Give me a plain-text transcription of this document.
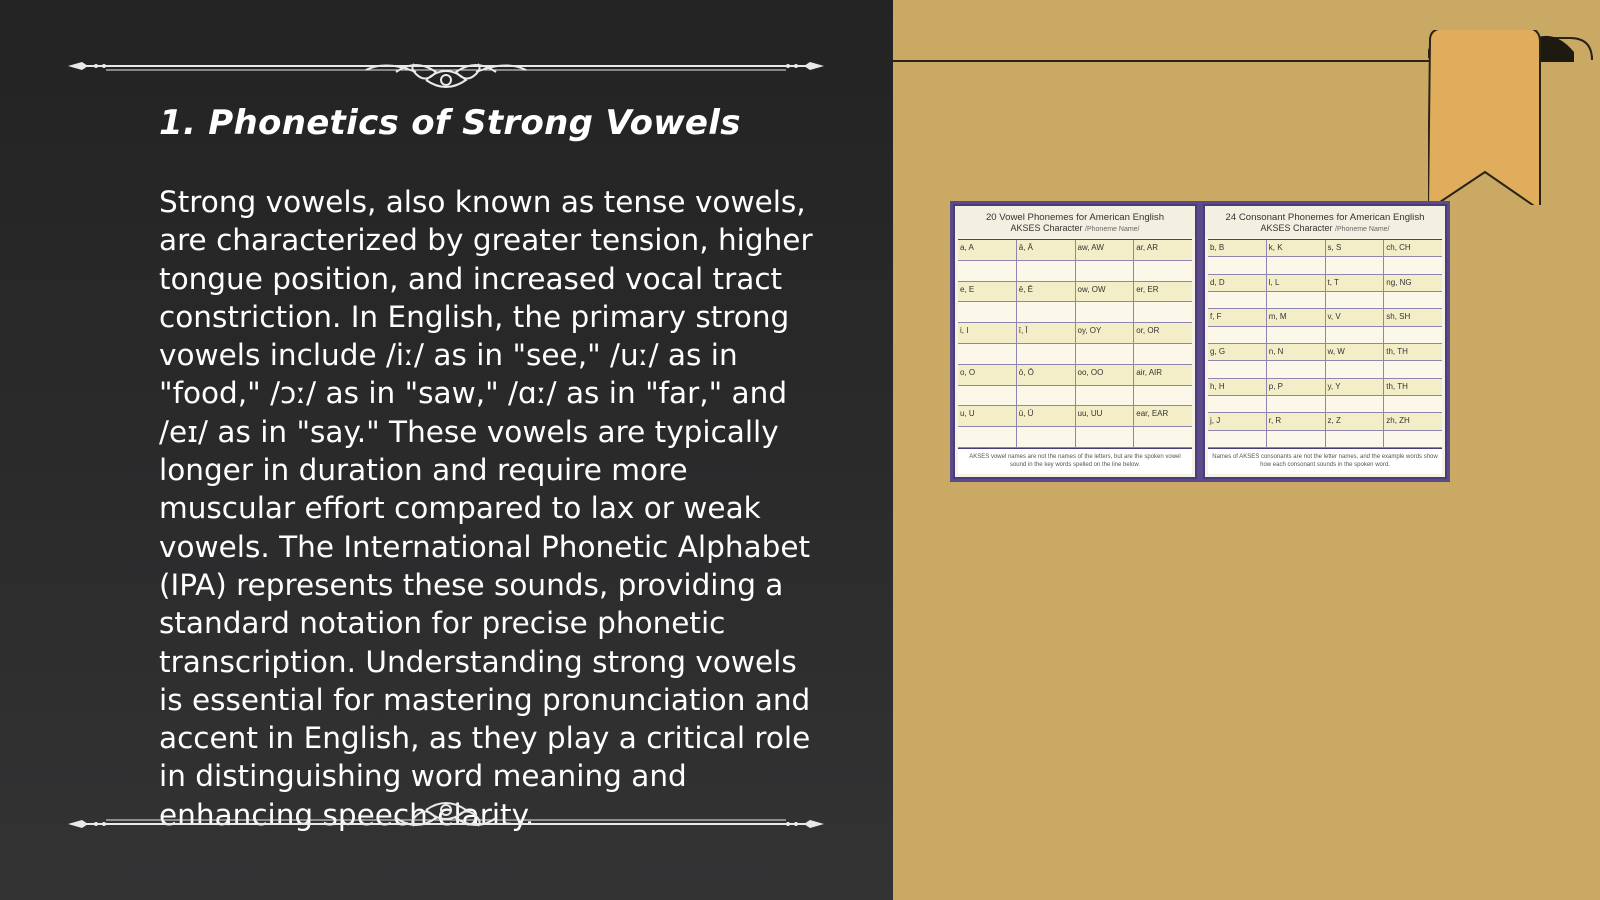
1. Phonetics of Strong Vowels

Strong vowels, also known as tense vowels, are characterized by greater tension, higher tongue position, and increased vocal tract constriction. In English, the primary strong vowels include /iː/ as in "see," /uː/ as in "food," /ɔː/ as in "saw," /ɑː/ as in "far," and /eɪ/ as in "say." These vowels are typically longer in duration and require more muscular effort compared to lax or weak vowels. The International Phonetic Alphabet (IPA) represents these sounds, providing a standard notation for precise phonetic transcription. Understanding strong vowels is essential for mastering pronunciation and accent in English, as they play a critical role in distinguishing word meaning and enhancing speech clarity.

20 Vowel Phonemes for American English
AKSES Character /Phoneme Name/
a, A	ā, Ā	aw, AW	ar, AR
e, E	ē, Ē	ow, OW	er, ER
i, I	ī, Ī	oy, OY	or, OR
o, O	ō, Ō	oo, OO	air, AIR
u, U	ū, Ū	uu, UU	ear, EAR
AKSES vowel names are not the names of the letters, but are the spoken vowel sound in the key words spelled on the line below.
24 Consonant Phonemes for American English
AKSES Character /Phoneme Name/
b, B	k, K	s, S	ch, CH
d, D	l, L	t, T	ng, NG
f, F	m, M	v, V	sh, SH
g, G	n, N	w, W	th, TH
h, H	p, P	y, Y	th, TH
j, J	r, R	z, Z	zh, ZH
Names of AKSES consonants are not the letter names, and the example words show how each consonant sounds in the spoken word.
